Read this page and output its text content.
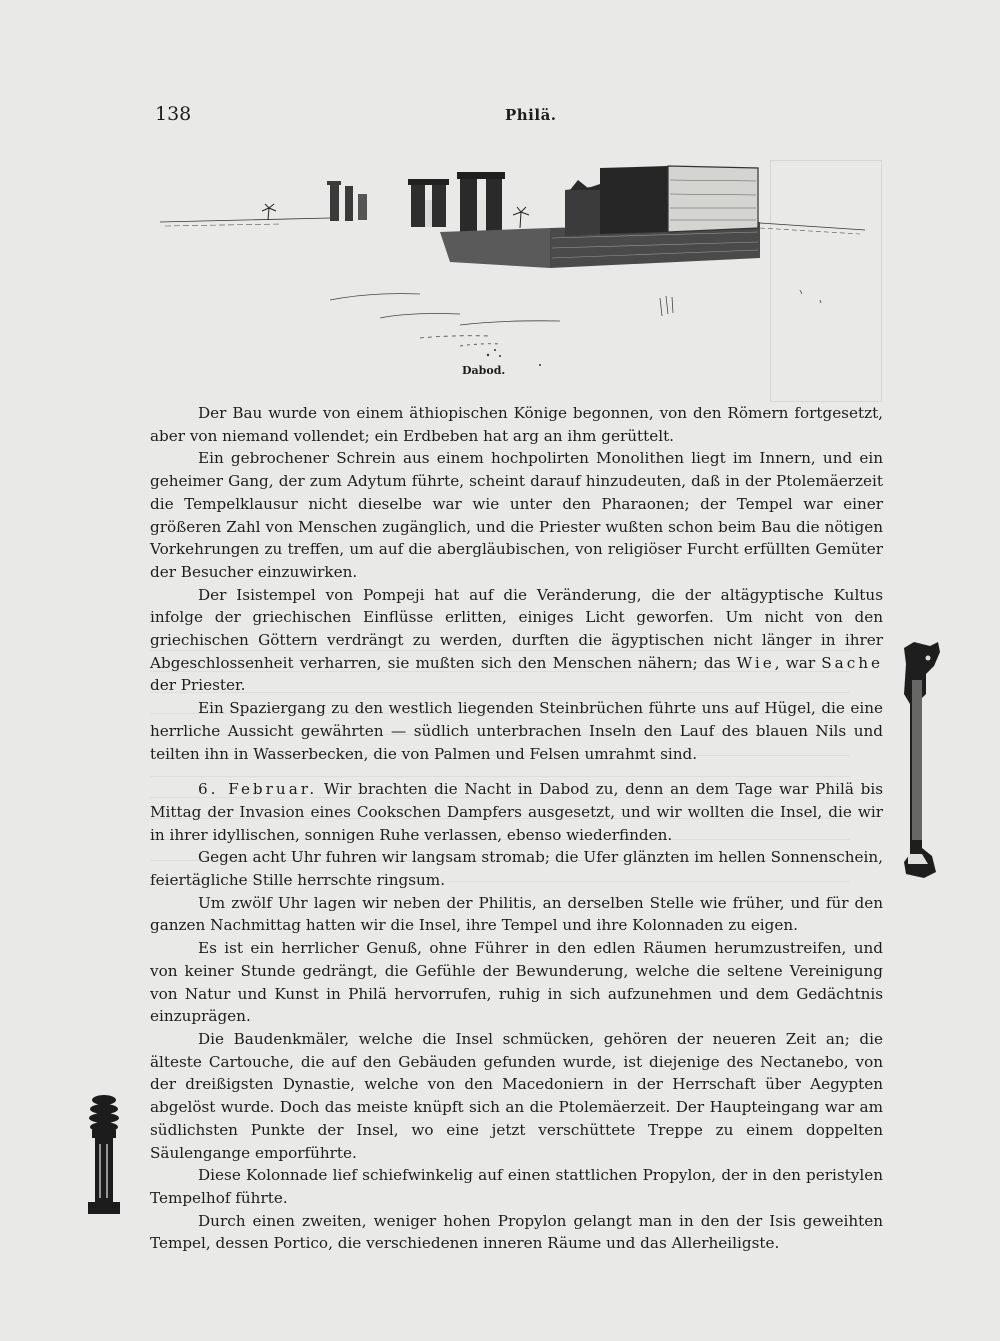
138	Philä.
Dabod.

Der Bau wurde von einem äthiopischen Könige begonnen, von den Römern fortgesetzt, aber von niemand vollendet; ein Erdbeben hat arg an ihm gerüttelt.

Ein gebrochener Schrein aus einem hochpolirten Monolithen liegt im Innern, und ein geheimer Gang, der zum Adytum führte, scheint darauf hinzudeuten, daß in der Ptolemäerzeit die Tempelklausur nicht dieselbe war wie unter den Pharaonen; der Tempel war einer größeren Zahl von Menschen zugänglich, und die Priester wußten schon beim Bau die nötigen Vorkehrungen zu treffen, um auf die abergläubischen, von religiöser Furcht erfüllten Gemüter der Besucher einzuwirken.

Der Isistempel von Pompeji hat auf die Veränderung, die der altägyptische Kultus infolge der griechischen Einflüsse erlitten, einiges Licht geworfen. Um nicht von den griechischen Göttern verdrängt zu werden, durften die ägyptischen nicht länger in ihrer Abgeschlossenheit verharren, sie mußten sich den Menschen nähern; das Wie, war Sache der Priester.

Ein Spaziergang zu den westlich liegenden Steinbrüchen führte uns auf Hügel, die eine herrliche Aussicht gewährten — südlich unterbrachen Inseln den Lauf des blauen Nils und teilten ihn in Wasserbecken, die von Palmen und Felsen umrahmt sind.

6. Februar. Wir brachten die Nacht in Dabod zu, denn an dem Tage war Philä bis Mittag der Invasion eines Cookschen Dampfers ausgesetzt, und wir wollten die Insel, die wir in ihrer idyllischen, sonnigen Ruhe verlassen, ebenso wiederfinden.

Gegen acht Uhr fuhren wir langsam stromab; die Ufer glänzten im hellen Sonnenschein, feiertägliche Stille herrschte ringsum.

Um zwölf Uhr lagen wir neben der Philitis, an derselben Stelle wie früher, und für den ganzen Nachmittag hatten wir die Insel, ihre Tempel und ihre Kolonnaden zu eigen.

Es ist ein herrlicher Genuß, ohne Führer in den edlen Räumen herumzustreifen, und von keiner Stunde gedrängt, die Gefühle der Bewunderung, welche die seltene Vereinigung von Natur und Kunst in Philä hervorrufen, ruhig in sich aufzunehmen und dem Gedächtnis einzuprägen.

Die Baudenkmäler, welche die Insel schmücken, gehören der neueren Zeit an; die älteste Cartouche, die auf den Gebäuden gefunden wurde, ist diejenige des Nectanebo, von der dreißigsten Dynastie, welche von den Macedoniern in der Herrschaft über Aegypten abgelöst wurde. Doch das meiste knüpft sich an die Ptolemäerzeit. Der Haupteingang war am südlichsten Punkte der Insel, wo eine jetzt verschüttete Treppe zu einem doppelten Säulengange emporführte.

Diese Kolonnade lief schiefwinkelig auf einen stattlichen Propylon, der in den peristylen Tempelhof führte.

Durch einen zweiten, weniger hohen Propylon gelangt man in den der Isis geweihten Tempel, dessen Portico, die verschiedenen inneren Räume und das Allerheiligste.
